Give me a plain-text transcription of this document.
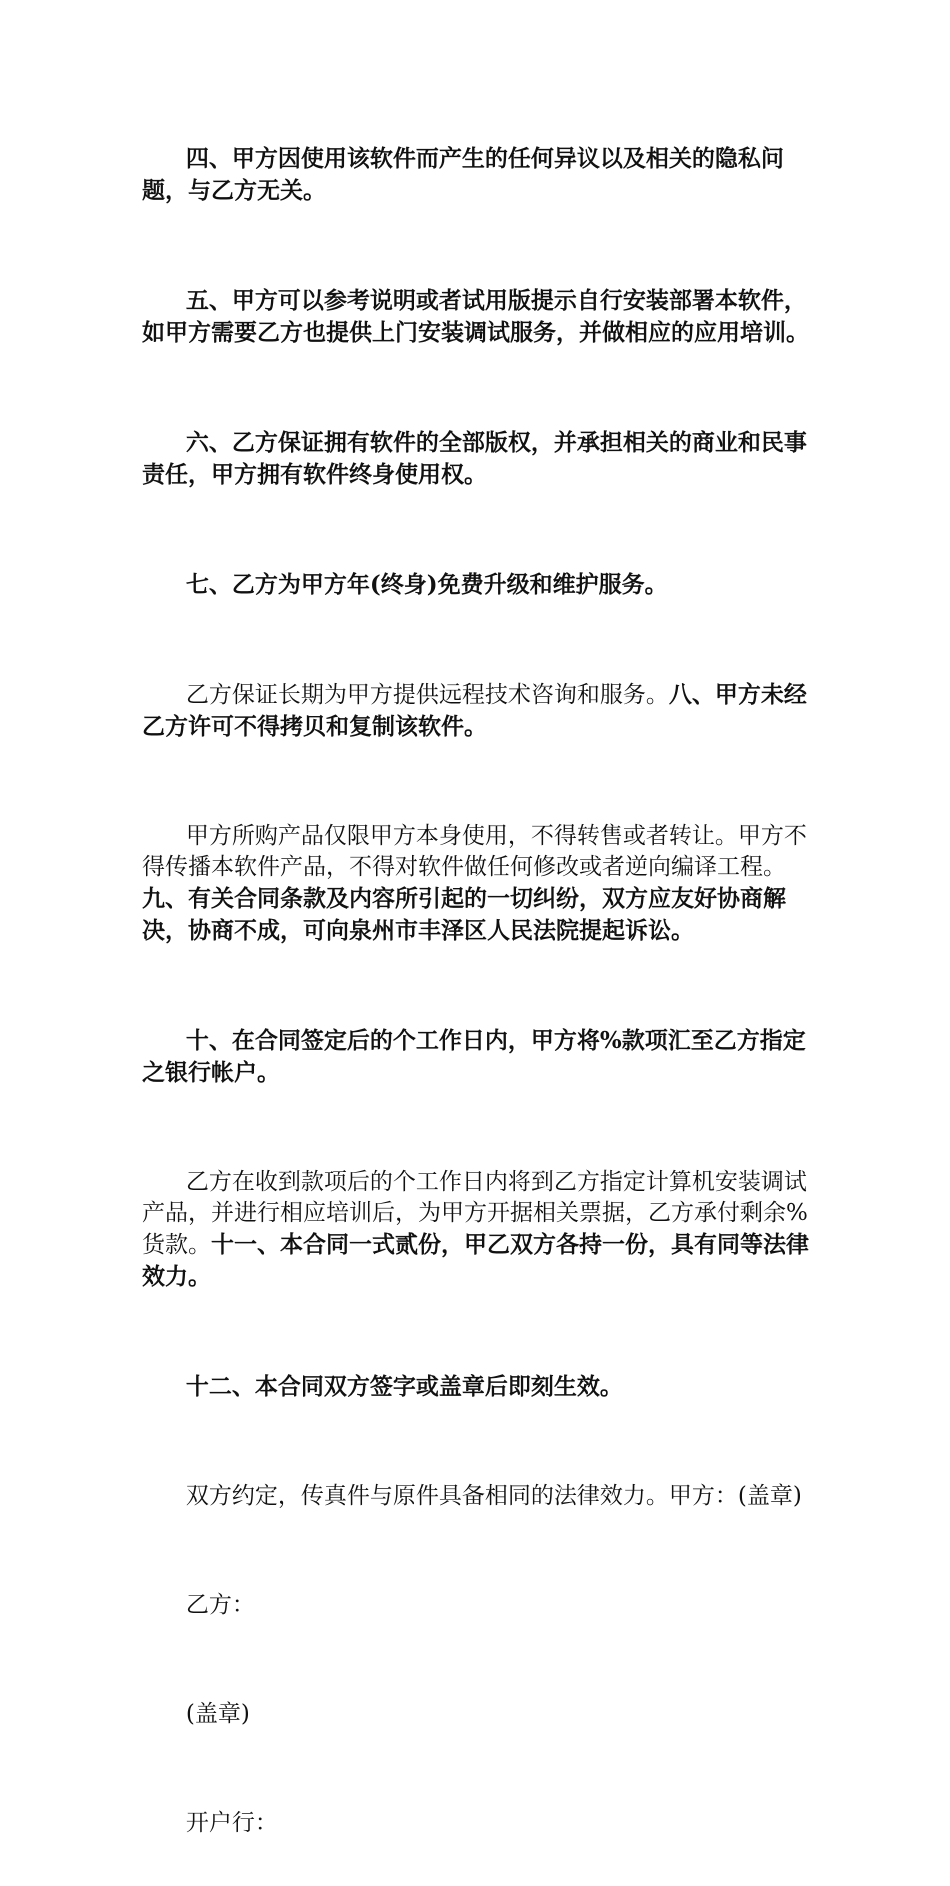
四、甲方因使用该软件而产生的任何异议以及相关的隐私问题，与乙方无关。

五、甲方可以参考说明或者试用版提示自行安装部署本软件，如甲方需要乙方也提供上门安装调试服务，并做相应的应用培训。

六、乙方保证拥有软件的全部版权，并承担相关的商业和民事责任，甲方拥有软件终身使用权。

七、乙方为甲方年(终身)免费升级和维护服务。

乙方保证长期为甲方提供远程技术咨询和服务。八、甲方未经乙方许可不得拷贝和复制该软件。

甲方所购产品仅限甲方本身使用，不得转售或者转让。甲方不得传播本软件产品，不得对软件做任何修改或者逆向编译工程。九、有关合同条款及内容所引起的一切纠纷，双方应友好协商解决，协商不成，可向泉州市丰泽区人民法院提起诉讼。

十、在合同签定后的个工作日内，甲方将%款项汇至乙方指定之银行帐户。

乙方在收到款项后的个工作日内将到乙方指定计算机安装调试产品，并进行相应培训后，为甲方开据相关票据，乙方承付剩余%货款。十一、本合同一式贰份，甲乙双方各持一份，具有同等法律效力。

十二、本合同双方签字或盖章后即刻生效。

双方约定，传真件与原件具备相同的法律效力。甲方：(盖章)

乙方：

(盖章)

开户行：
